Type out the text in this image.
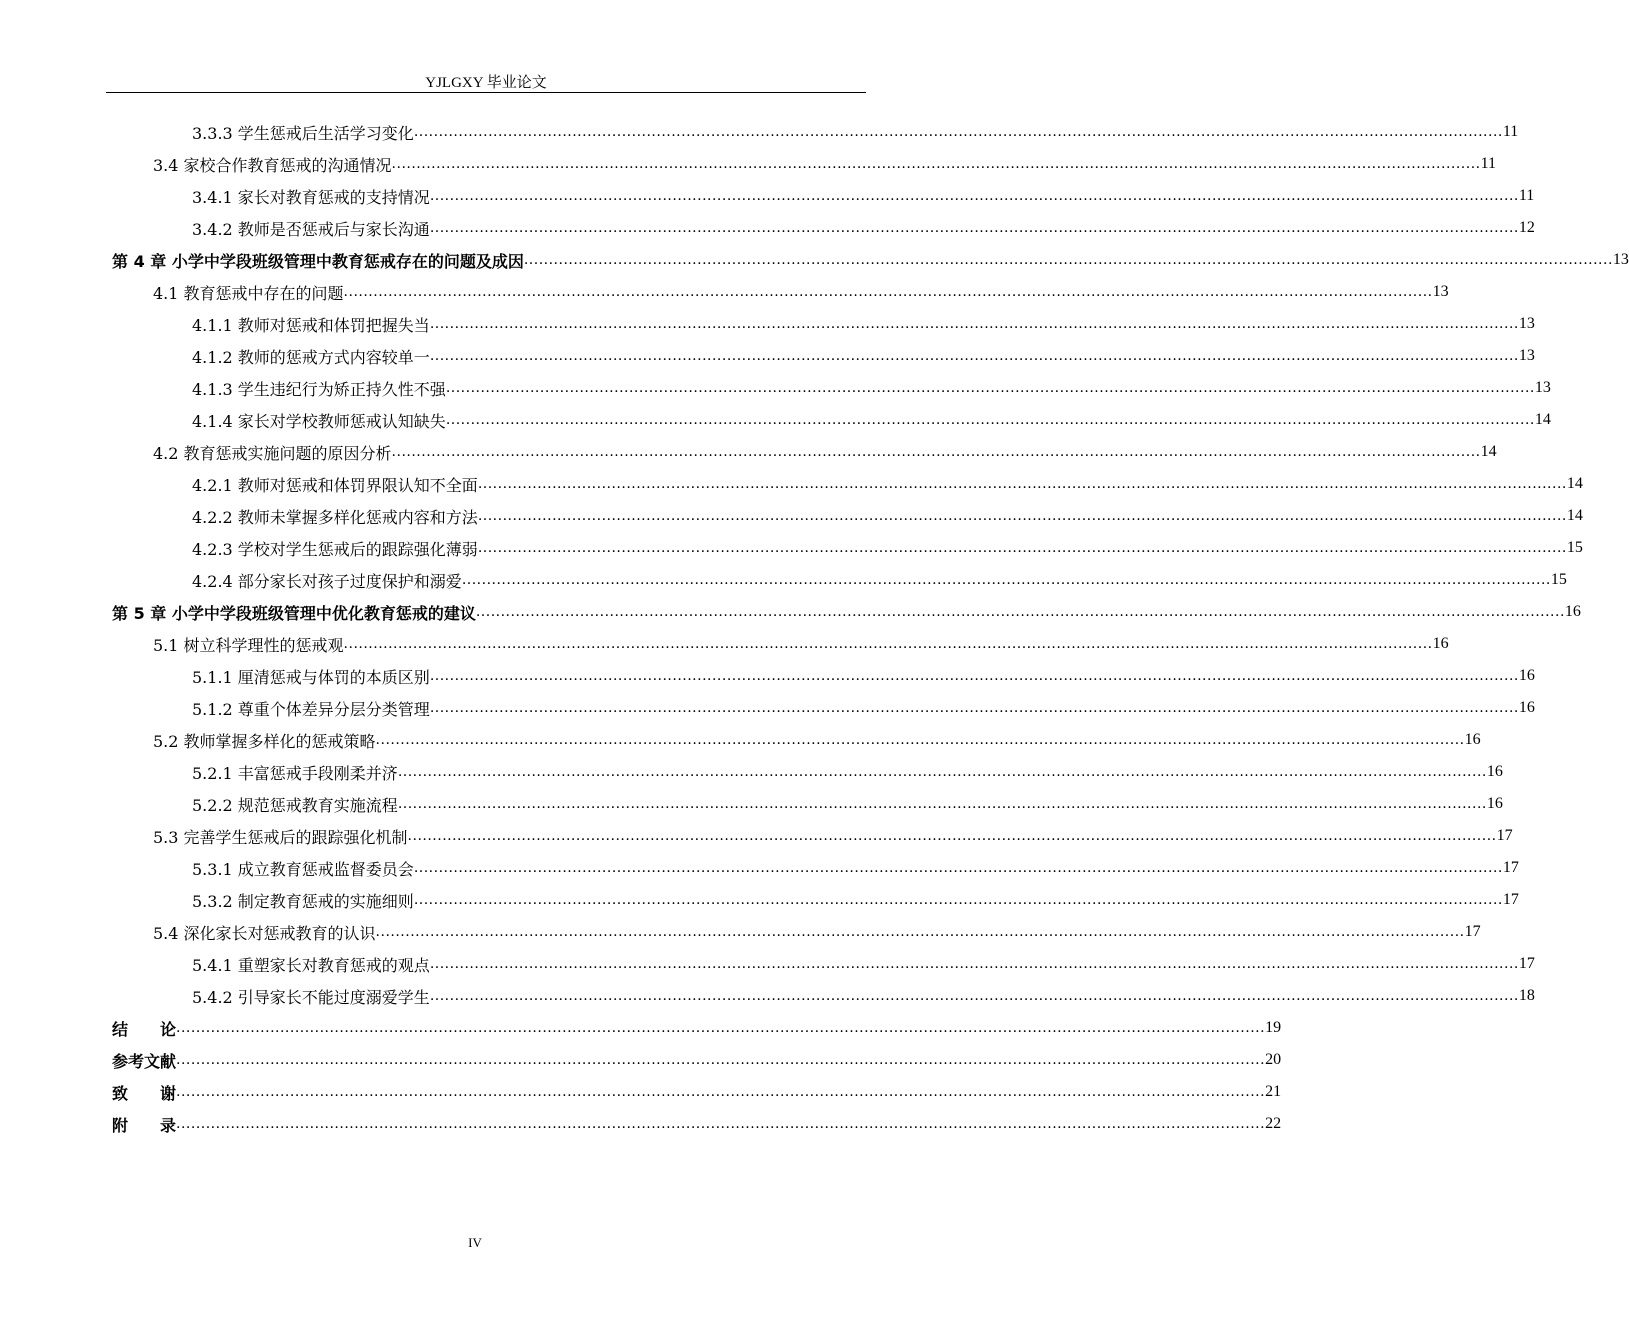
YJLGXY 毕业论文
3.3.3 学生惩戒后生活学习变化 ............................................................................................................................................................................................................................ 11
3.4 家校合作教育惩戒的沟通情况 ............................................................................................................................................................................................................................ 11
3.4.1 家长对教育惩戒的支持情况 ............................................................................................................................................................................................................................ 11
3.4.2 教师是否惩戒后与家长沟通 ............................................................................................................................................................................................................................ 12
第 4 章 小学中学段班级管理中教育惩戒存在的问题及成因 ............................................................................................................................................................................................................................ 13
4.1 教育惩戒中存在的问题 ............................................................................................................................................................................................................................ 13
4.1.1 教师对惩戒和体罚把握失当 ............................................................................................................................................................................................................................ 13
4.1.2 教师的惩戒方式内容较单一 ............................................................................................................................................................................................................................ 13
4.1.3 学生违纪行为矫正持久性不强 ............................................................................................................................................................................................................................ 13
4.1.4 家长对学校教师惩戒认知缺失 ............................................................................................................................................................................................................................ 14
4.2 教育惩戒实施问题的原因分析 ............................................................................................................................................................................................................................ 14
4.2.1 教师对惩戒和体罚界限认知不全面 ............................................................................................................................................................................................................................ 14
4.2.2 教师未掌握多样化惩戒内容和方法 ............................................................................................................................................................................................................................ 14
4.2.3 学校对学生惩戒后的跟踪强化薄弱 ............................................................................................................................................................................................................................ 15
4.2.4 部分家长对孩子过度保护和溺爱 ............................................................................................................................................................................................................................ 15
第 5 章 小学中学段班级管理中优化教育惩戒的建议 ............................................................................................................................................................................................................................ 16
5.1 树立科学理性的惩戒观 ............................................................................................................................................................................................................................ 16
5.1.1 厘清惩戒与体罚的本质区别 ............................................................................................................................................................................................................................ 16
5.1.2 尊重个体差异分层分类管理 ............................................................................................................................................................................................................................ 16
5.2 教师掌握多样化的惩戒策略 ............................................................................................................................................................................................................................ 16
5.2.1 丰富惩戒手段刚柔并济 ............................................................................................................................................................................................................................ 16
5.2.2 规范惩戒教育实施流程 ............................................................................................................................................................................................................................ 16
5.3 完善学生惩戒后的跟踪强化机制 ............................................................................................................................................................................................................................ 17
5.3.1 成立教育惩戒监督委员会 ............................................................................................................................................................................................................................ 17
5.3.2 制定教育惩戒的实施细则 ............................................................................................................................................................................................................................ 17
5.4 深化家长对惩戒教育的认识 ............................................................................................................................................................................................................................ 17
5.4.1 重塑家长对教育惩戒的观点 ............................................................................................................................................................................................................................ 17
5.4.2 引导家长不能过度溺爱学生 ............................................................................................................................................................................................................................ 18
结　　论 ............................................................................................................................................................................................................................ 19
参考文献 ............................................................................................................................................................................................................................ 20
致　　谢 ............................................................................................................................................................................................................................ 21
附　　录 ............................................................................................................................................................................................................................ 22
IV
